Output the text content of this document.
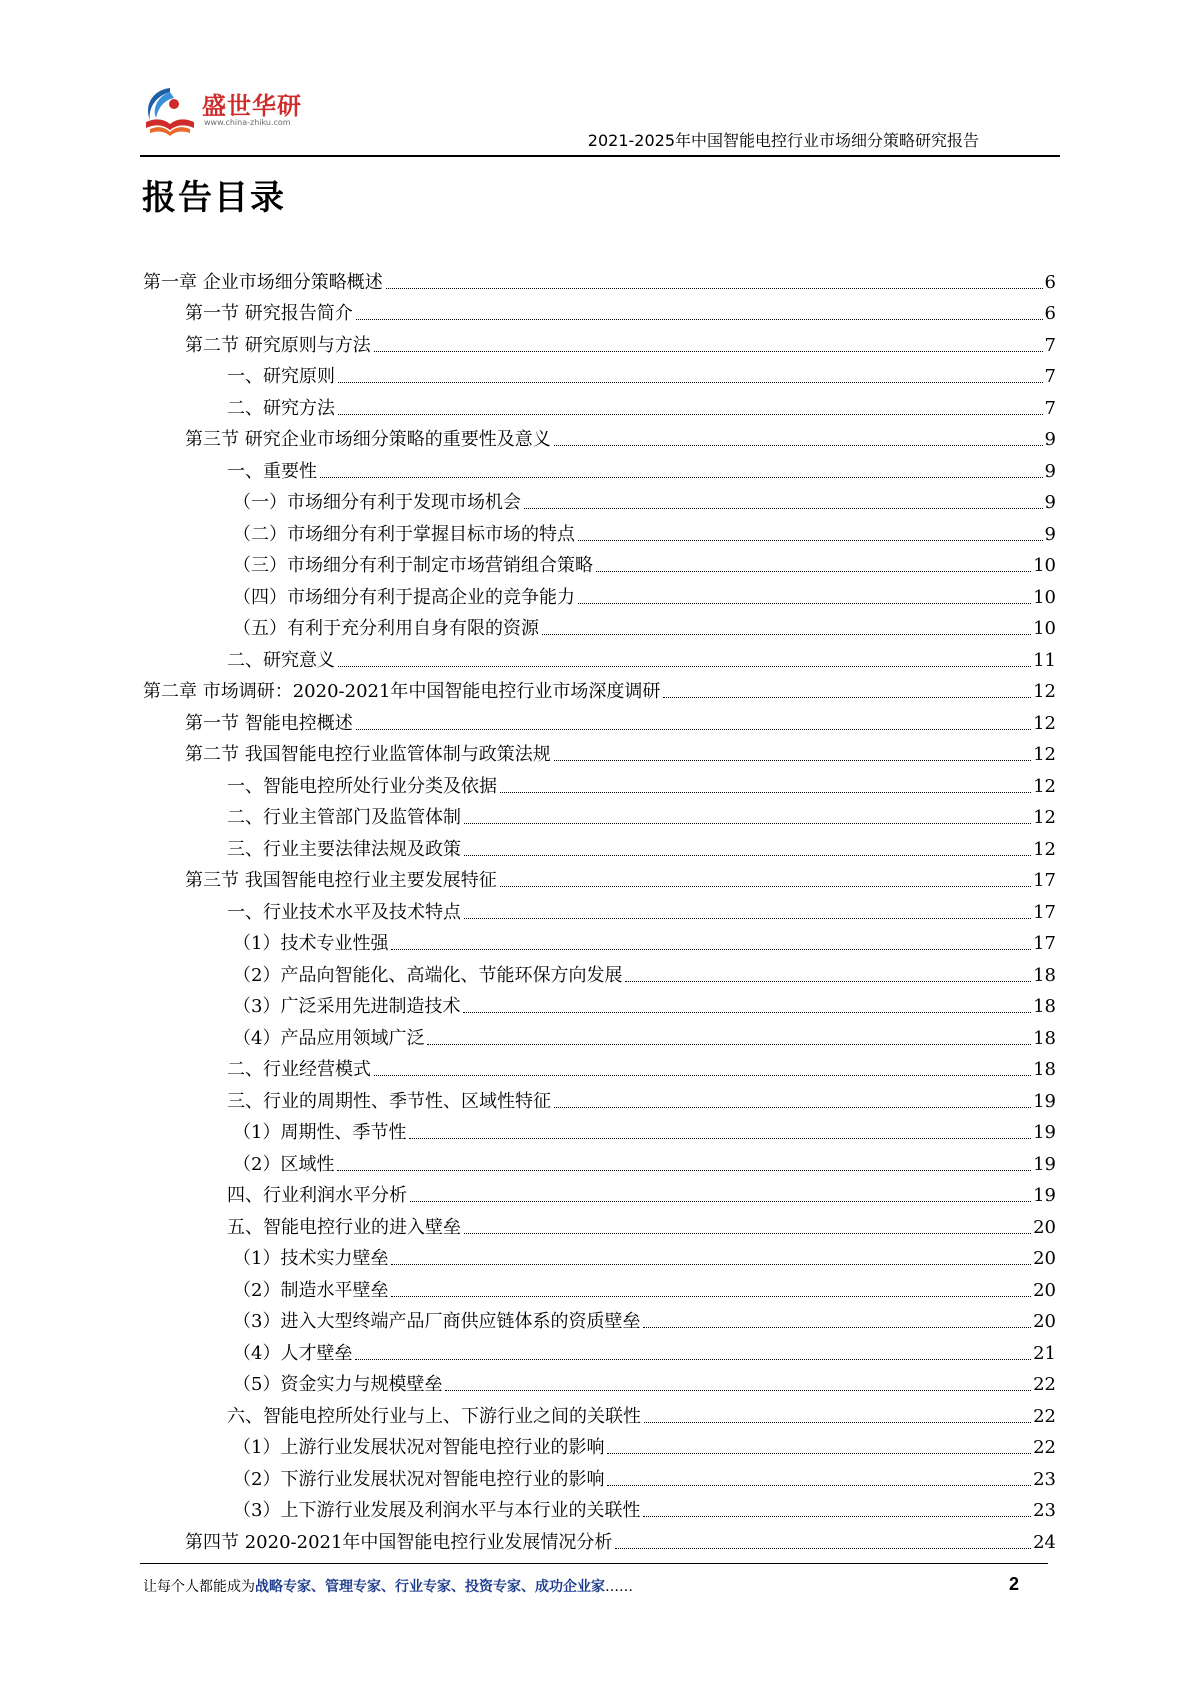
盛世华研
www.china-zhiku.com
2021-2025年中国智能电控行业市场细分策略研究报告
报告目录
第一章 企业市场细分策略概述	6
第一节 研究报告简介	6
第二节 研究原则与方法	7
一、研究原则	7
二、研究方法	7
第三节 研究企业市场细分策略的重要性及意义	9
一、重要性	9
（一）市场细分有利于发现市场机会	9
（二）市场细分有利于掌握目标市场的特点	9
（三）市场细分有利于制定市场营销组合策略	10
（四）市场细分有利于提高企业的竞争能力	10
（五）有利于充分利用自身有限的资源	10
二、研究意义	11
第二章 市场调研：2020-2021年中国智能电控行业市场深度调研	12
第一节 智能电控概述	12
第二节 我国智能电控行业监管体制与政策法规	12
一、智能电控所处行业分类及依据	12
二、行业主管部门及监管体制	12
三、行业主要法律法规及政策	12
第三节 我国智能电控行业主要发展特征	17
一、行业技术水平及技术特点	17
（1）技术专业性强	17
（2）产品向智能化、高端化、节能环保方向发展	18
（3）广泛采用先进制造技术	18
（4）产品应用领域广泛	18
二、行业经营模式	18
三、行业的周期性、季节性、区域性特征	19
（1）周期性、季节性	19
（2）区域性	19
四、行业利润水平分析	19
五、智能电控行业的进入壁垒	20
（1）技术实力壁垒	20
（2）制造水平壁垒	20
（3）进入大型终端产品厂商供应链体系的资质壁垒	20
（4）人才壁垒	21
（5）资金实力与规模壁垒	22
六、智能电控所处行业与上、下游行业之间的关联性	22
（1）上游行业发展状况对智能电控行业的影响	22
（2）下游行业发展状况对智能电控行业的影响	23
（3）上下游行业发展及利润水平与本行业的关联性	23
第四节 2020-2021年中国智能电控行业发展情况分析	24
让每个人都能成为战略专家、管理专家、行业专家、投资专家、成功企业家……	2
